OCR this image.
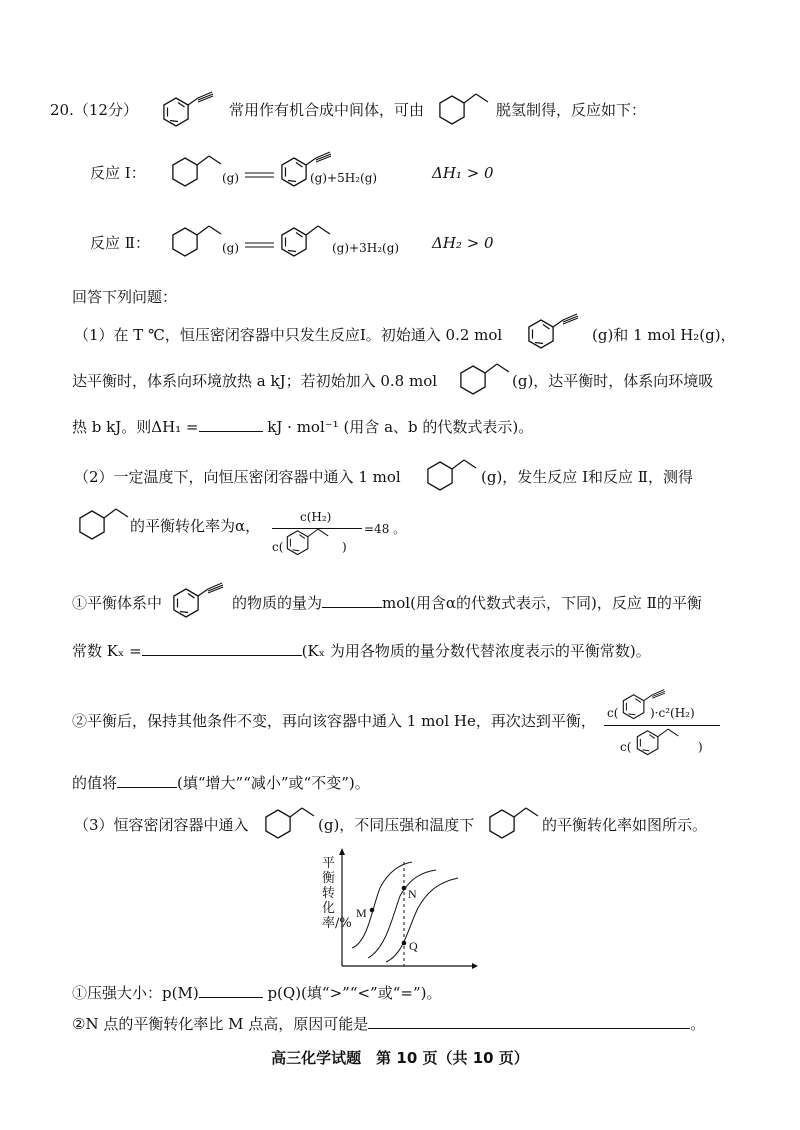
20.（12分）	常用作有机合成中间体，可由	脱氢制得，反应如下：
反应 Ⅰ：	(g)	(g)+5H₂(g)	ΔH₁ > 0
反应 Ⅱ：	(g)	(g)+3H₂(g) ΔH₂ > 0
回答下列问题：
（1）在 T ℃，恒压密闭容器中只发生反应Ⅰ。初始通入 0.2 mol	(g)和 1 mol H₂(g)，
达平衡时，体系向环境放热 a kJ；若初始加入 0.8 mol	(g)，达平衡时，体系向环境吸
热 b kJ。则ΔH₁ =	kJ · mol⁻¹ (用含 a、b 的代数式表示)。
（2）一定温度下，向恒压密闭容器中通入 1 mol	(g)，发生反应 Ⅰ和反应 Ⅱ，测得
的平衡转化率为α，	c(H₂)
c(	)
=48 。
①平衡体系中	的物质的量为	mol(用含α的代数式表示，下同)，反应 Ⅱ的平衡
常数 Kₓ =	(Kₓ 为用各物质的量分数代替浓度表示的平衡常数)。
②平衡后，保持其他条件不变，再向该容器中通入 1 mol He，再次达到平衡， c(	)·c²(H₂)
c(	)
的值将	(填“增大”“减小”或“不变”)。
（3）恒容密闭容器中通入	(g)，不同压强和温度下	的平衡转化率如图所示。
M
N
Q
平衡转化率/%
①压强大小：p(M)	p(Q)(填“>”“<”或“=”)。
②N 点的平衡转化率比 M 点高，原因可能是	。
高三化学试题　第 10 页（共 10 页）
